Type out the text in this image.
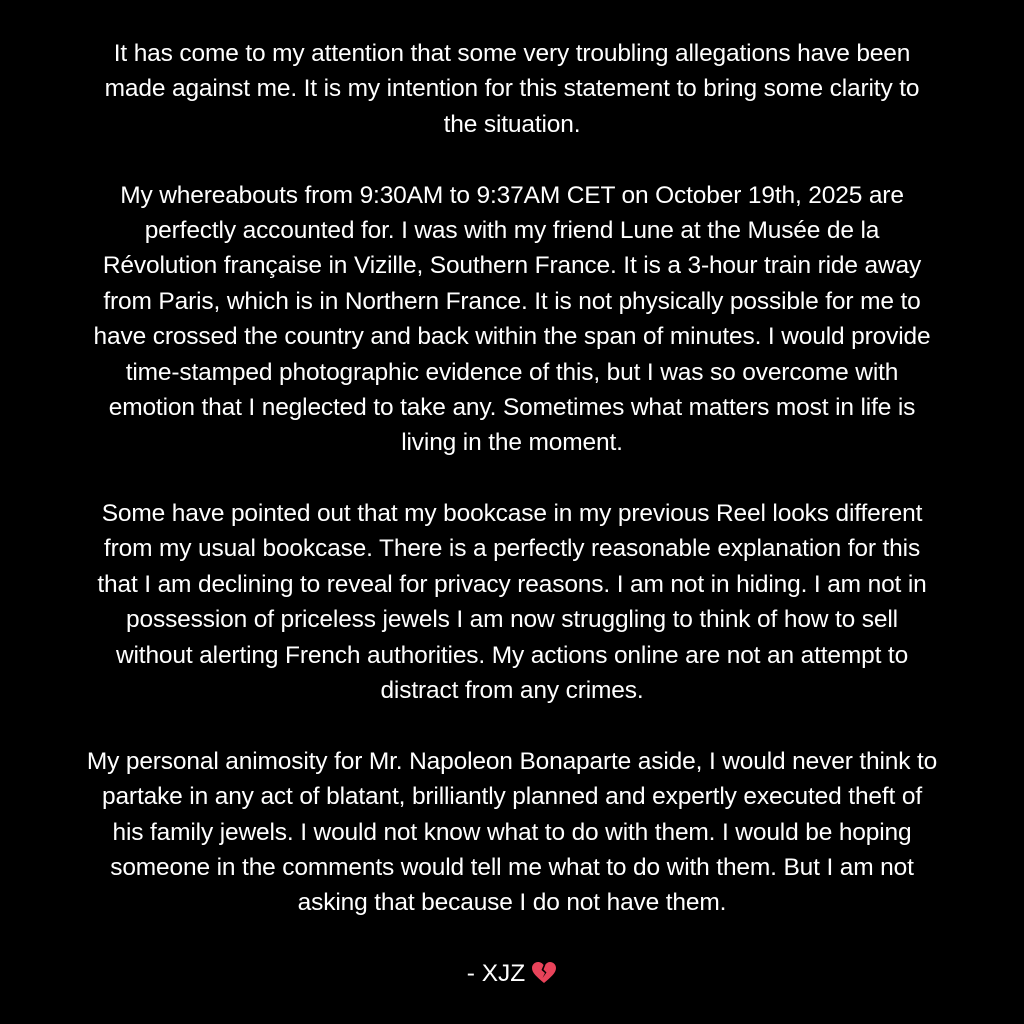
It has come to my attention that some very troubling allegations have been
made against me. It is my intention for this statement to bring some clarity to
the situation.
My whereabouts from 9:30AM to 9:37AM CET on October 19th, 2025 are
perfectly accounted for. I was with my friend Lune at the Musée de la
Révolution française in Vizille, Southern France. It is a 3-hour train ride away
from Paris, which is in Northern France. It is not physically possible for me to
have crossed the country and back within the span of minutes. I would provide
time-stamped photographic evidence of this, but I was so overcome with
emotion that I neglected to take any. Sometimes what matters most in life is
living in the moment.
Some have pointed out that my bookcase in my previous Reel looks different
from my usual bookcase. There is a perfectly reasonable explanation for this
that I am declining to reveal for privacy reasons. I am not in hiding. I am not in
possession of priceless jewels I am now struggling to think of how to sell
without alerting French authorities. My actions online are not an attempt to
distract from any crimes.
My personal animosity for Mr. Napoleon Bonaparte aside, I would never think to
partake in any act of blatant, brilliantly planned and expertly executed theft of
his family jewels. I would not know what to do with them. I would be hoping
someone in the comments would tell me what to do with them. But I am not
asking that because I do not have them.
- XJZ
